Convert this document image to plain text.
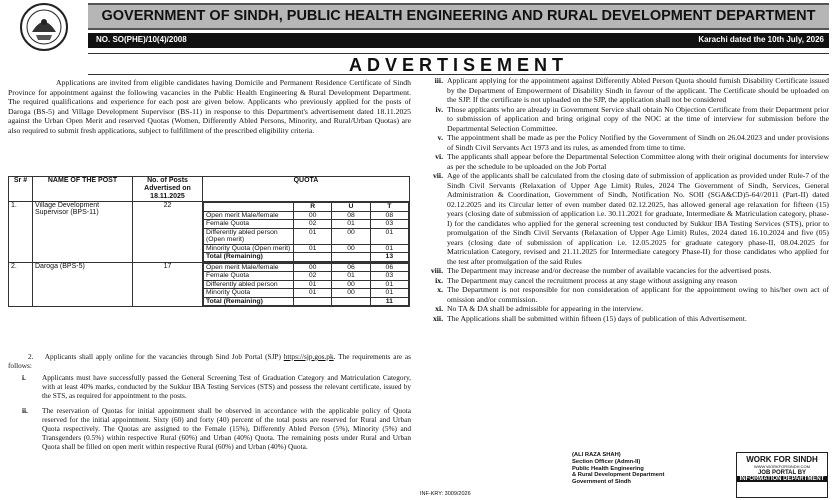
GOVERNMENT OF SINDH, PUBLIC HEALTH ENGINEERING AND RURAL DEVELOPMENT DEPARTMENT
NO. SO(PHE)/10(4)/2008	Karachi dated the 10th July, 2026
ADVERTISEMENT

Applications are invited from eligible candidates having Domicile and Permanent Residence Certificate of Sindh Province for appointment against the following vacancies in the Public Health Engineering & Rural Development Department. The required qualifications and experience for each post are given below. Applicants who previously applied for the posts of Daroga (BS-5) and Village Development Supervisor (BS-11) in response to this Department's advertisement dated 18.11.2025 against the Urban Open Merit and reserved Quotas (Women, Differently Abled Persons, Minority, and Rural/Urban Quotas) are also required to submit fresh applications, subject to fulfillment of the prescribed eligibility criteria.

Sr #	NAME OF THE POST	No. of Posts Advertised on 18.11.2025	QUOTA
1.	Village Development Supervisor (BPS-11)	22	
		R	U	T
Open merit Male/female	00	08	08
Female Quota	02	01	03
Differently abled person (Open merit)	01	00	01
Minority Quota (Open merit)	01	00	01
Total (Remaining)			13

2.	Daroga (BPS-5)	17		Open merit Male/female	00	06	06
Female Quota	02	01	03
Differently abled person	01	00	01
Minority Quota	01	00	01
Total (Remaining)			11

2. Applicants shall apply online for the vacancies through Sind Job Portal (SJP) https://sjp.gos.pk. The requirements are as follows:

i. Applicants must have successfully passed the General Screening Test of Graduation Category and Matriculation Category, with at least 40% marks, conducted by the Sukkur IBA Testing Services (STS) and possess the relevant certificate, issued by the STS, as required for appointment to the posts.
ii. The reservation of Quotas for initial appointment shall be observed in accordance with the applicable policy of Quota reserved for the initial appointment. Sixty (60) and forty (40) percent of the total posts are reserved for Rural and Urban Quota respectively. The Quotas are assigned to the Female (15%), Differently Abled Person (5%), Minority (5%) and Transgenders (0.5%) within respective Rural (60%) and Urban (40%) Quota. The remaining posts under Rural and Urban Quota shall be filled on open merit within respective Rural (60%) and Urban (40%) Quota.
iii. Applicant applying for the appointment against Differently Abled Person Quota should furnish Disability Certificate issued by the Department of Empowerment of Disability Sindh in favour of the applicant. The Certificate should be uploaded on the SJP. If the certificate is not uploaded on the SJP, the application shall not be considered
iv. Those applicants who are already in Government Service shall obtain No Objection Certificate from their Department prior to submission of application and bring original copy of the NOC at the time of interview for submission before the Departmental Selection Committee.
v. The appointment shall be made as per the Policy Notified by the Government of Sindh on 26.04.2023 and under provisions of Sindh Civil Servants Act 1973 and its rules, as amended from time to time.
vi. The applicants shall appear before the Departmental Selection Committee along with their original documents for interview as per the schedule to be uploaded on the Job Portal
vii. Age of the applicants shall be calculated from the closing date of submission of application as provided under Rule-7 of the Sindh Civil Servants (Relaxation of Upper Age Limit) Rules, 2024 The Government of Sindh, Services, General Administration & Coordination, Government of Sindh, Notification No. SOII (SGA&CD)5-64//2011 (Part-II) dated 02.12.2025 and its Circular letter of even number dated 02.12.2025, has allowed general age relaxation for fifteen (15) years (closing date of submission of application i.e. 30.11.2021 for graduate, Intermediate & Matriculation category, phase-I) for the candidates who applied for the general screening test conducted by Sukkur IBA Testing Services (STS), prior to promulgation of the Sindh Civil Servants (Relaxation of Upper Age Limit) Rules, 2024 dated 16.10.2024 and five (05) years (closing date of submission of application i.e. 12.05.2025 for graduate category phase-II, 08.04.2025 for Matriculation Category, revised and 21.11.2025 for Intermediate category Phase-II) for those candidates who applied for the test after promulgation of the said Rules
viii. The Department may increase and/or decrease the number of available vacancies for the advertised posts.
ix. The Department may cancel the recruitment process at any stage without assigning any reason
x. The Department is not responsible for non consideration of applicant for the appointment owing to his/her own act of omission and/or commission.
xi. No TA & DA shall be admissible for appearing in the interview.
xii. The Applications shall be submitted within fifteen (15) days of publication of this Advertisement.
(ALI RAZA SHAH)
Section Officer (Admn-II)
Public Health Engineering
& Rural Development Department
Government of Sindh
INF-KRY: 3009/2026
WORK FOR SINDH
WWW.WORKFORSINDH.COM
JOB PORTAL BY
INFORMATION DEPARTMENT
